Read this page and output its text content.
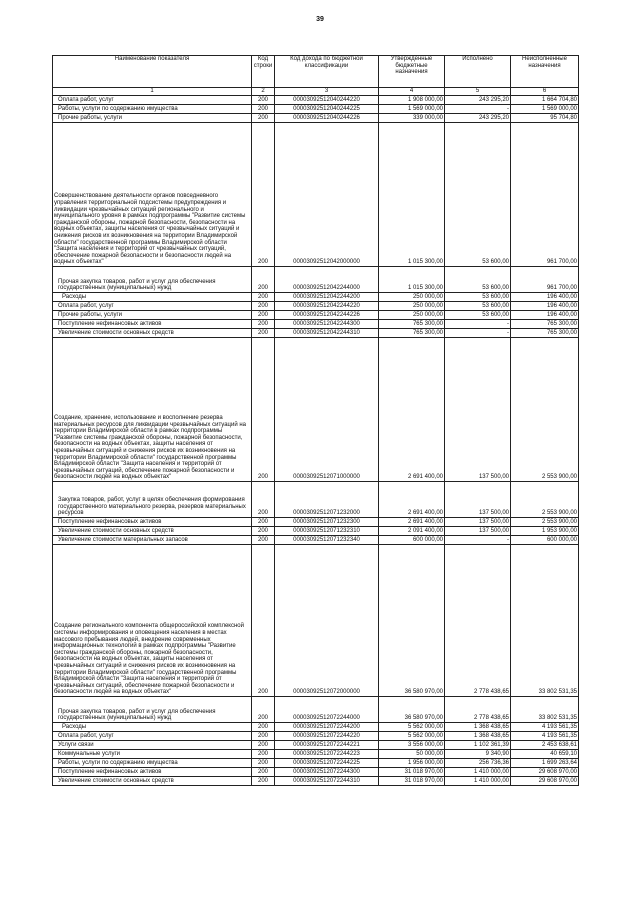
39
Наименование показателя	Код строки	Код дохода по бюджетной классификации	Утвержденные бюджетные назначения	Исполнено	Неисполненные назначения
1	2	3	4	5	6
Оплата работ, услуг	200	00003092512040244220	1 908 000,00	243 295,20	1 664 704,80
Работы, услуги по содержанию имущества	200	00003092512040244225	1 569 000,00	-	1 569 000,00
Прочие работы, услуги	200	00003092512040244226	339 000,00	243 295,20	95 704,80
Совершенствование деятельности органов повседневного управления территориальной подсистемы предупреждения и ликвидации чрезвычайных ситуаций регионального и муниципального уровня в рамках подпрограммы "Развитие системы гражданской обороны, пожарной безопасности, безопасности на водных объектах, защиты населения от чрезвычайных ситуаций и снижения рисков их возникновения на территории Владимирской области" государственной программы Владимирской области "Защита населения и территорий от чрезвычайных ситуаций, обеспечение пожарной безопасности и безопасности людей на водных объектах"	200	00003092512042000000	1 015 300,00	53 600,00	961 700,00
Прочая закупка товаров, работ и услуг для обеспечения государственных (муниципальных) нужд	200	00003092512042244000	1 015 300,00	53 600,00	961 700,00
Расходы	200	00003092512042244200	250 000,00	53 600,00	196 400,00
Оплата работ, услуг	200	00003092512042244220	250 000,00	53 600,00	196 400,00
Прочие работы, услуги	200	00003092512042244226	250 000,00	53 600,00	196 400,00
Поступление нефинансовых активов	200	00003092512042244300	765 300,00	-	765 300,00
Увеличение стоимости основных средств	200	00003092512042244310	765 300,00	-	765 300,00
Создание, хранение, использование и восполнение резерва материальных ресурсов для ликвидации чрезвычайных ситуаций на территории Владимирской области в рамках подпрограммы "Развитие системы гражданской обороны, пожарной безопасности, безопасности на водных объектах, защиты населения от чрезвычайных ситуаций и снижения рисков их возникновения на территории Владимирской области" государственной программы Владимирской области "Защита населения и территорий от чрезвычайных ситуаций, обеспечение пожарной безопасности и безопасности людей на водных объектах"	200	00003092512071000000	2 691 400,00	137 500,00	2 553 900,00
Закупка товаров, работ, услуг в целях обеспечения формирования государственного материального резерва, резервов материальных ресурсов	200	00003092512071232000	2 691 400,00	137 500,00	2 553 900,00
Поступление нефинансовых активов	200	00003092512071232300	2 691 400,00	137 500,00	2 553 900,00
Увеличение стоимости основных средств	200	00003092512071232310	2 091 400,00	137 500,00	1 953 900,00
Увеличение стоимости материальных запасов	200	00003092512071232340	600 000,00	-	600 000,00
Создание регионального компонента общероссийской комплексной системы информирования и оповещения населения в местах массового пребывания людей, внедрение современных информационных технологий в рамках подпрограммы "Развитие системы гражданской обороны, пожарной безопасности, безопасности на водных объектах, защиты населения от чрезвычайных ситуаций и снижения рисков их возникновения на территории Владимирской области" государственной программы Владимирской области "Защита населения и территорий от чрезвычайных ситуаций, обеспечение пожарной безопасности и безопасности людей на водных объектах"	200	00003092512072000000	36 580 970,00	2 778 438,65	33 802 531,35
Прочая закупка товаров, работ и услуг для обеспечения государственных (муниципальных) нужд	200	00003092512072244000	36 580 970,00	2 778 438,65	33 802 531,35
Расходы	200	00003092512072244200	5 562 000,00	1 368 438,65	4 193 561,35
Оплата работ, услуг	200	00003092512072244220	5 562 000,00	1 368 438,65	4 193 561,35
Услуги связи	200	00003092512072244221	3 556 000,00	1 102 361,39	2 453 638,61
Коммунальные услуги	200	00003092512072244223	50 000,00	9 340,90	40 659,10
Работы, услуги по содержанию имущества	200	00003092512072244225	1 956 000,00	256 736,36	1 699 263,64
Поступление нефинансовых активов	200	00003092512072244300	31 018 970,00	1 410 000,00	29 608 970,00
Увеличение стоимости основных средств	200	00003092512072244310	31 018 970,00	1 410 000,00	29 608 970,00
